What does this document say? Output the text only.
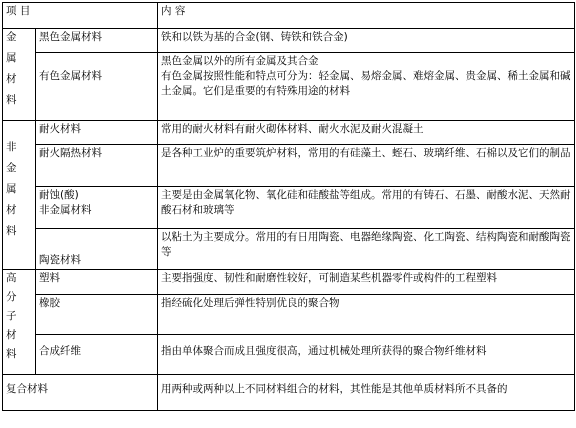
项 目		内 容

金
属
材
料	黑色金属材料	铁和以铁为基的合金(钢、铸铁和铁合金)

	有色金属材料	黑色金属以外的所有金属及其合金

有色金属按照性能和特点可分为：轻金属、易熔金属、难熔金属、贵金属、稀土金属和碱土金属。它们是重要的有特殊用途的材料

非
金
属
材
料	耐火材料	常用的耐火材料有耐火砌体材料、耐火水泥及耐火混凝土
	耐火隔热材料	是各种工业炉的重要筑炉材料，常用的有硅藻土、蛭石、玻璃纤维、石棉以及它们的制品

	耐蚀(酸)
非金属材料	主要是由金属氧化物、氧化硅和硅酸盐等组成。常用的有铸石、石墨、耐酸水泥、天然耐酸石材和玻璃等
	陶瓷材料	以粘土为主要成分。常用的有日用陶瓷、电器绝缘陶瓷、化工陶瓷、结构陶瓷和耐酸陶瓷等

高
分
子
材
料	塑料	主要指强度、韧性和耐磨性较好，可制造某些机器零件或构件的工程塑料
	橡胶	指经硫化处理后弹性特别优良的聚合物

	合成纤维	指由单体聚合而成且强度很高，通过机械处理所获得的聚合物纤维材料

复合材料		用两种或两种以上不同材料组合的材料，其性能是其他单质材料所不具备的
